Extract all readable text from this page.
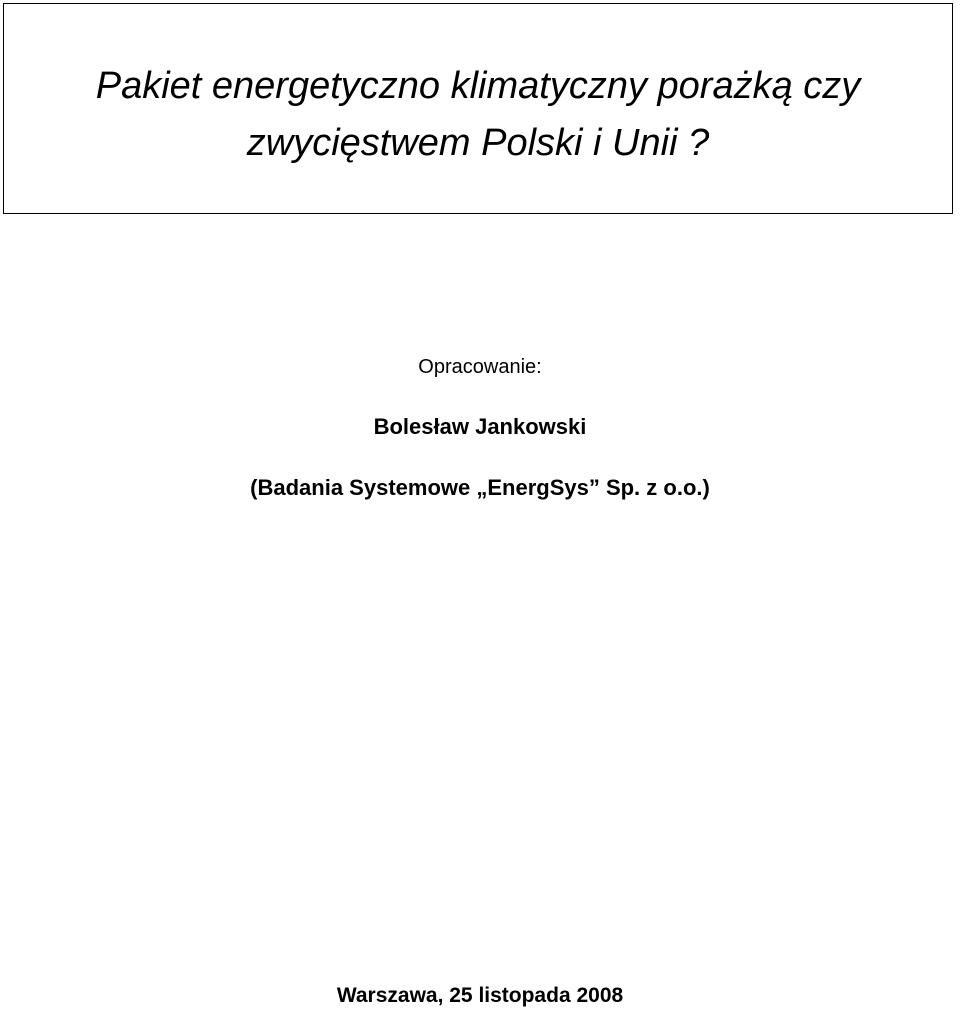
Pakiet energetyczno klimatyczny porażką czy
zwycięstwem Polski i Unii ?
Opracowanie:
Bolesław Jankowski
(Badania Systemowe „EnergSys” Sp. z o.o.)
Warszawa, 25 listopada 2008
